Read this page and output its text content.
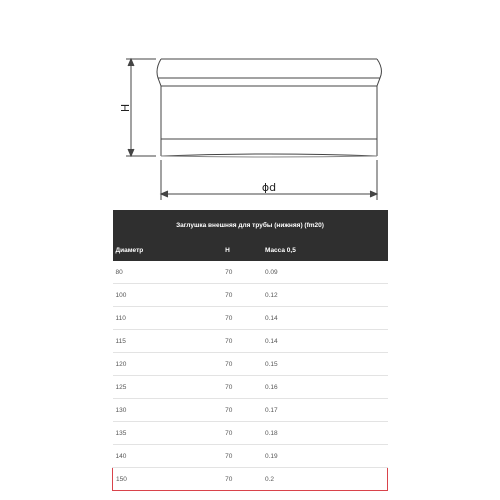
H
ϕd
Заглушка внешняя для трубы (нижняя) (fm20)		
Диаметр	H	Масса 0,5
80	70	0.09
100	70	0.12
110	70	0.14
115	70	0.14
120	70	0.15
125	70	0.16
130	70	0.17
135	70	0.18
140	70	0.19
150	70	0.2
